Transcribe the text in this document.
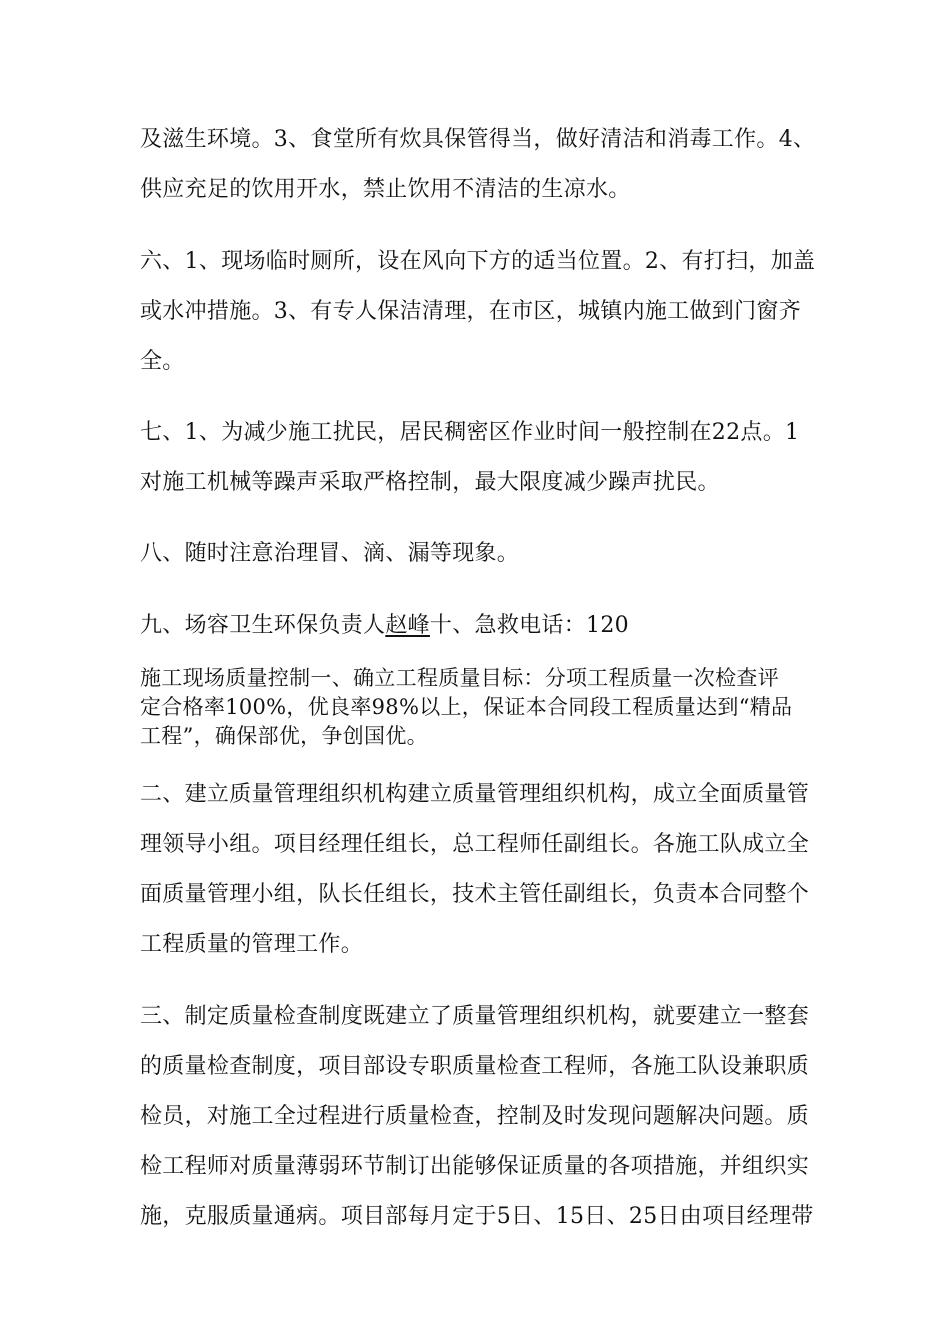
及滋生环境。3、食堂所有炊具保管得当，做好清洁和消毒工作。4、
供应充足的饮用开水，禁止饮用不清洁的生凉水。
六、1、现场临时厕所，设在风向下方的适当位置。2、有打扫，加盖
或水冲措施。3、有专人保洁清理，在市区，城镇内施工做到门窗齐
全。
七、1、为减少施工扰民，居民稠密区作业时间一般控制在22点。1
对施工机械等躁声采取严格控制，最大限度减少躁声扰民。
八、随时注意治理冒、滴、漏等现象。
九、场容卫生环保负责人赵峰十、急救电话：120
施工现场质量控制一、确立工程质量目标：分项工程质量一次检查评
定合格率100%，优良率98%以上，保证本合同段工程质量达到“精品
工程”，确保部优，争创国优。
二、建立质量管理组织机构建立质量管理组织机构，成立全面质量管
理领导小组。项目经理任组长，总工程师任副组长。各施工队成立全
面质量管理小组，队长任组长，技术主管任副组长，负责本合同整个
工程质量的管理工作。
三、制定质量检查制度既建立了质量管理组织机构，就要建立一整套
的质量检查制度，项目部设专职质量检查工程师，各施工队设兼职质
检员，对施工全过程进行质量检查，控制及时发现问题解决问题。质
检工程师对质量薄弱环节制订出能够保证质量的各项措施，并组织实
施，克服质量通病。项目部每月定于5日、15日、25日由项目经理带
